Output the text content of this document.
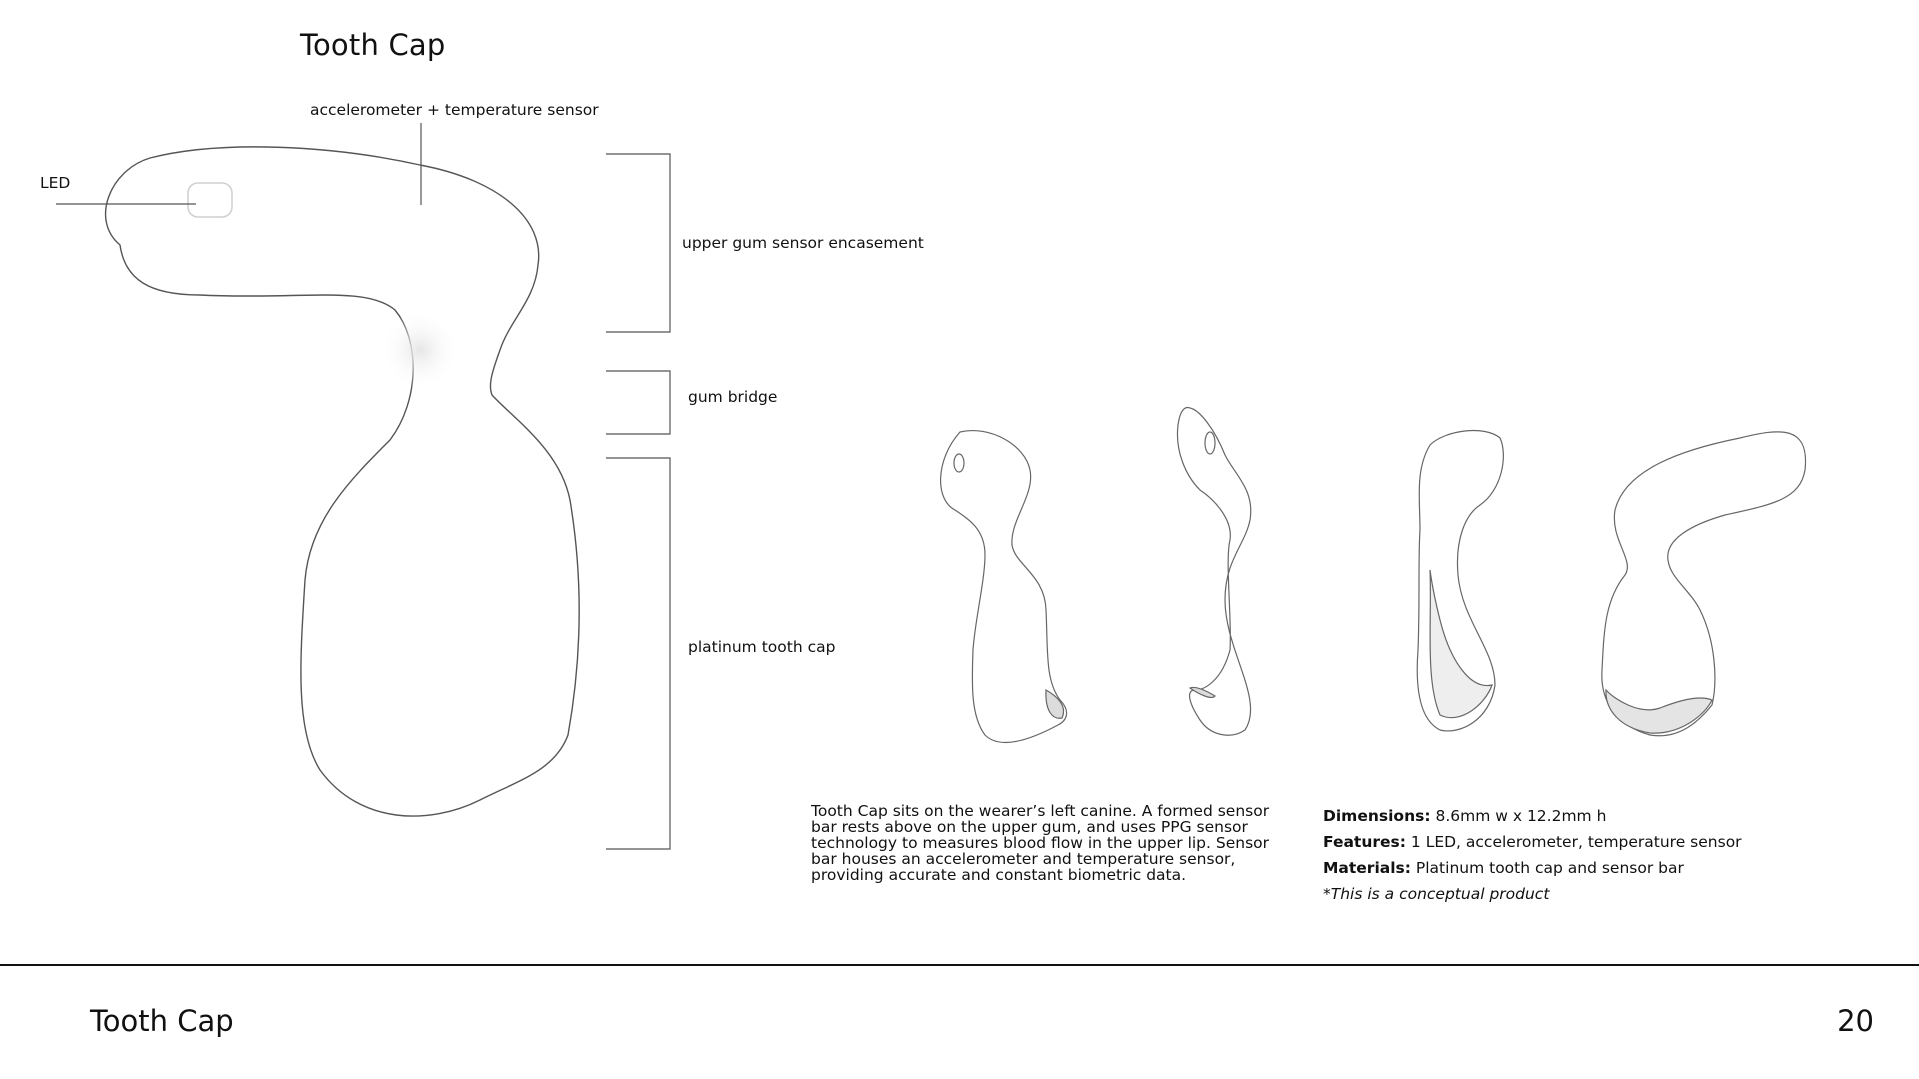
Tooth Cap
LED
accelerometer + temperature sensor
upper gum sensor encasement
gum bridge
platinum tooth cap
Tooth Cap sits on the wearer’s left canine. A formed sensor bar rests above on the upper gum, and uses PPG sensor technology to measures blood flow in the upper lip. Sensor bar houses an accelerometer and temperature sensor, providing accurate and constant biometric data.
Dimensions: 8.6mm w x 12.2mm h
Features: 1 LED, accelerometer, temperature sensor
Materials: Platinum tooth cap and sensor bar
*This is a conceptual product
Tooth Cap	20
